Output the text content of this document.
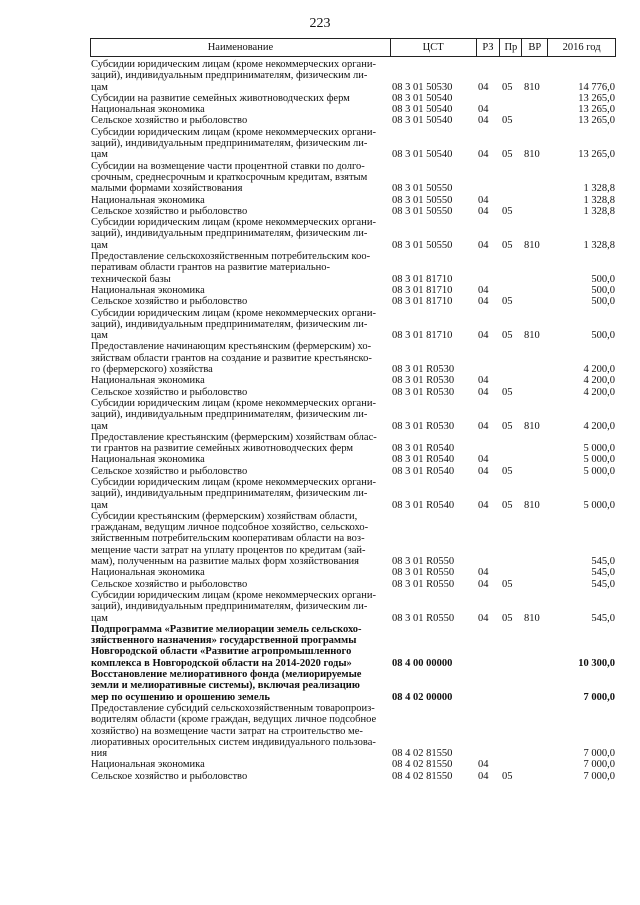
223
Наименование	ЦСТ	РЗ	Пр	ВР	2016 год
Субсидии юридическим лицам (кроме некоммерческих органи-
заций), индивидуальным предпринимателям, физическим ли-
цам	08 3 01 50530	04	05	810	14 776,0
Субсидии на развитие семейных животноводческих ферм	08 3 01 50540	13 265,0
Национальная экономика	08 3 01 50540	04	13 265,0
Сельское хозяйство и рыболовство	08 3 01 50540	04	05	13 265,0
Субсидии юридическим лицам (кроме некоммерческих органи-
заций), индивидуальным предпринимателям, физическим ли-
цам	08 3 01 50540	04	05	810	13 265,0
Субсидии на возмещение части процентной ставки по долго-
срочным, среднесрочным и краткосрочным кредитам, взятым
малыми формами хозяйствования	08 3 01 50550	1 328,8
Национальная экономика	08 3 01 50550	04	1 328,8
Сельское хозяйство и рыболовство	08 3 01 50550	04	05	1 328,8
Субсидии юридическим лицам (кроме некоммерческих органи-
заций), индивидуальным предпринимателям, физическим ли-
цам	08 3 01 50550	04	05	810	1 328,8
Предоставление сельскохозяйственным потребительским коо-
перативам области грантов на развитие материально-
технической базы	08 3 01 81710	500,0
Национальная экономика	08 3 01 81710	04	500,0
Сельское хозяйство и рыболовство	08 3 01 81710	04	05	500,0
Субсидии юридическим лицам (кроме некоммерческих органи-
заций), индивидуальным предпринимателям, физическим ли-
цам	08 3 01 81710	04	05	810	500,0
Предоставление начинающим крестьянским (фермерским) хо-
зяйствам области грантов на создание и развитие крестьянско-
го (фермерского) хозяйства	08 3 01 R0530	4 200,0
Национальная экономика	08 3 01 R0530	04	4 200,0
Сельское хозяйство и рыболовство	08 3 01 R0530	04	05	4 200,0
Субсидии юридическим лицам (кроме некоммерческих органи-
заций), индивидуальным предпринимателям, физическим ли-
цам	08 3 01 R0530	04	05	810	4 200,0
Предоставление крестьянским (фермерским) хозяйствам облас-
ти грантов на развитие семейных животноводческих ферм	08 3 01 R0540	5 000,0
Национальная экономика	08 3 01 R0540	04	5 000,0
Сельское хозяйство и рыболовство	08 3 01 R0540	04	05	5 000,0
Субсидии юридическим лицам (кроме некоммерческих органи-
заций), индивидуальным предпринимателям, физическим ли-
цам	08 3 01 R0540	04	05	810	5 000,0
Субсидии крестьянским (фермерским) хозяйствам области,
гражданам, ведущим личное подсобное хозяйство, сельскохо-
зяйственным потребительским кооперативам области на воз-
мещение части затрат на уплату процентов по кредитам (зай-
мам), полученным на развитие малых форм хозяйствования	08 3 01 R0550	545,0
Национальная экономика	08 3 01 R0550	04	545,0
Сельское хозяйство и рыболовство	08 3 01 R0550	04	05	545,0
Субсидии юридическим лицам (кроме некоммерческих органи-
заций), индивидуальным предпринимателям, физическим ли-
цам	08 3 01 R0550	04	05	810	545,0
Подпрограмма «Развитие мелиорации земель сельскохо-
зяйственного назначения» государственной программы
Новгородской области «Развитие агропромышленного
комплекса в Новгородской области на 2014-2020 годы»	08 4 00 00000	10 300,0
Восстановление мелиоративного фонда (мелиорируемые
земли и мелиоративные системы), включая реализацию
мер по осушению и орошению земель	08 4 02 00000	7 000,0
Предоставление субсидий сельскохозяйственным товаропроиз-
водителям области (кроме граждан, ведущих личное подсобное
хозяйство) на возмещение части затрат на строительство ме-
лиоративных оросительных систем индивидуального пользова-
ния	08 4 02 81550	7 000,0
Национальная экономика	08 4 02 81550	04	7 000,0
Сельское хозяйство и рыболовство	08 4 02 81550	04	05	7 000,0
